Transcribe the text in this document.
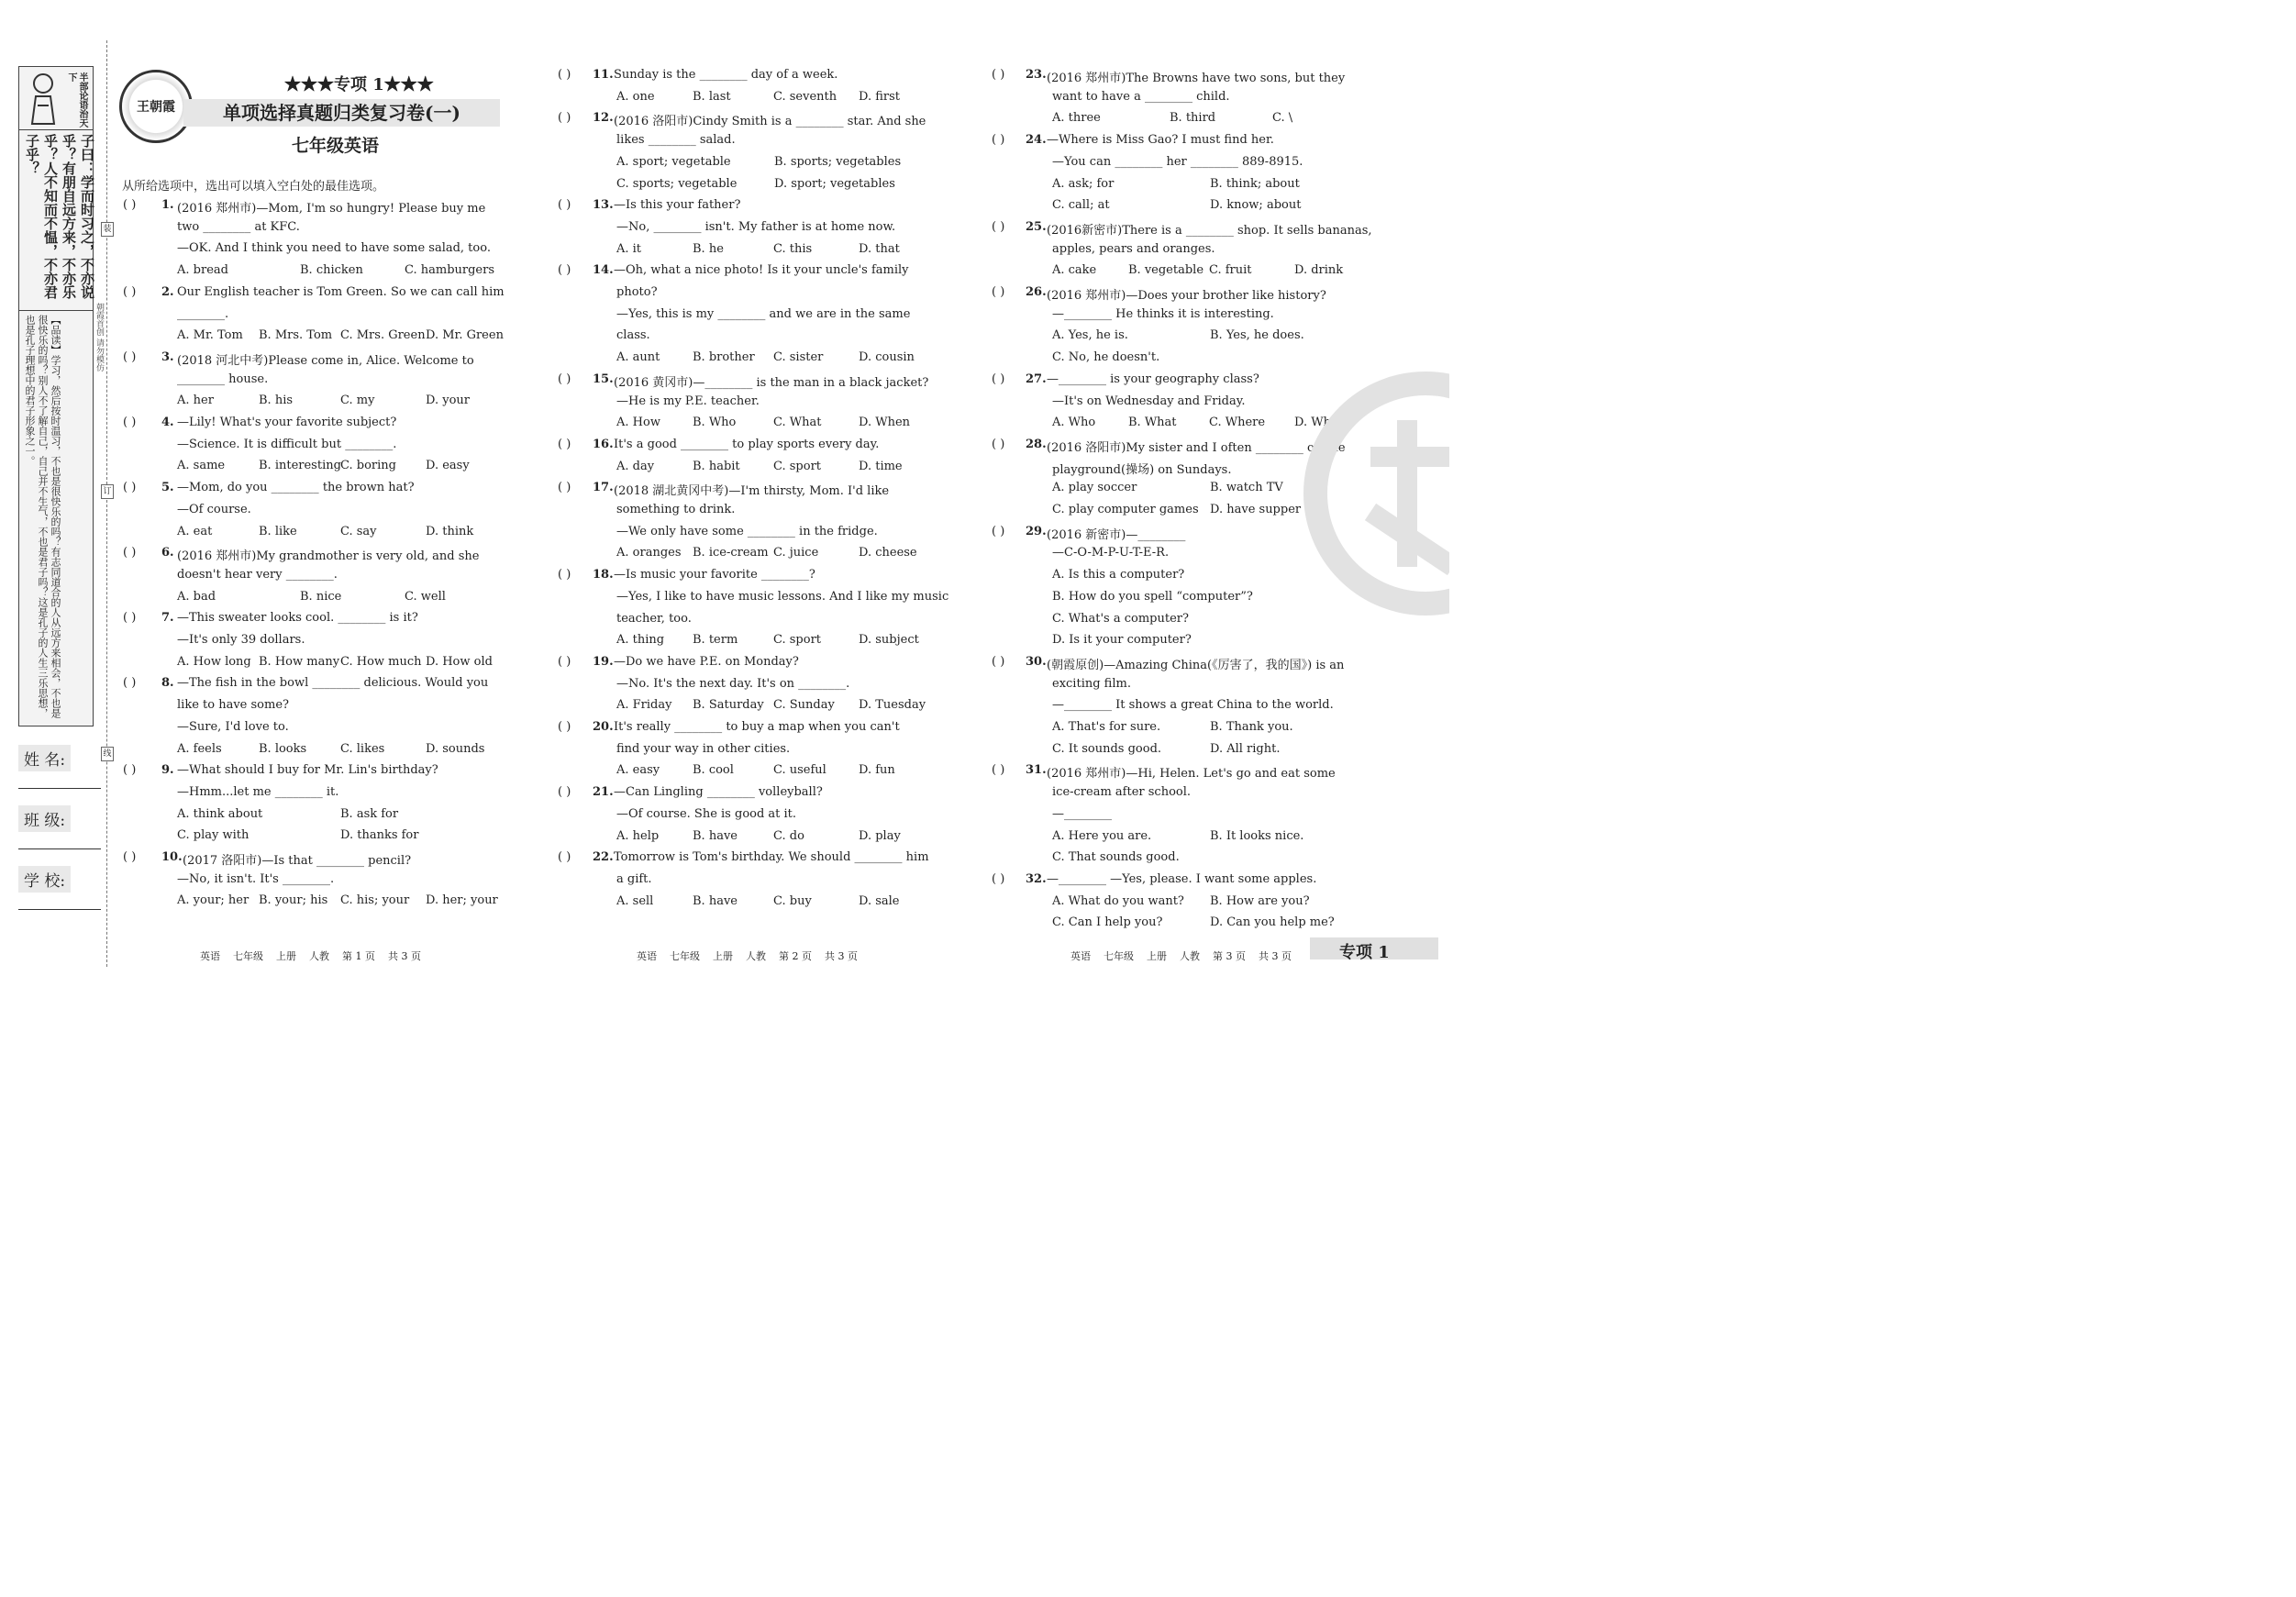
半部论语治天下
子曰：学而时习之，不亦说乎？有朋自远方来，不亦乐乎？人不知而不愠，不亦君子乎？
【品读】学习，然后按时温习，不也是很快乐的吗？有志同道合的人从远方来相会，不也是很快乐的吗？别人不了解自己，自己并不生气，不也是君子吗？这是孔子的人生三乐思想，也是孔子理想中的君子形象之一。
姓 名:
班 级:
学 校:
装
订
线
朝霞首创 请勿模仿
王朝霞
★★★专项 1★★★
单项选择真题归类复习卷(一)
七年级英语
从所给选项中，选出可以填入空白处的最佳选项。
( ) 1. (2016 郑州市)—Mom, I'm so hungry! Please buy me
two ________ at KFC.
—OK. And I think you need to have some salad, too.
A. bread	B. chicken	C. hamburgers
( ) 2. Our English teacher is Tom Green. So we can call him
________.
A. Mr. Tom B. Mrs. Tom C. Mrs. Green D. Mr. Green
( ) 3. (2018 河北中考)Please come in, Alice. Welcome to
________ house.
A. her	B. his	C. my	D. your
( ) 4. —Lily! What's your favorite subject?
—Science. It is difficult but ________.
A. same	B. interesting C. boring D. easy
( ) 5. —Mom, do you ________ the brown hat?
—Of course.
A. eat	B. like	C. say	D. think
( ) 6. (2016 郑州市)My grandmother is very old, and she
doesn't hear very ________.
A. bad	B. nice	C. well
( ) 7. —This sweater looks cool. ________ is it?
—It's only 39 dollars.
A. How long B. How many C. How much D. How old
( ) 8. —The fish in the bowl ________ delicious. Would you
like to have some?
—Sure, I'd love to.
A. feels	B. looks	C. likes	D. sounds
( ) 9. —What should I buy for Mr. Lin's birthday?
—Hmm...let me ________ it.
A. think about	B. ask for
C. play with	D. thanks for
( ) 10. (2017 洛阳市)—Is that ________ pencil?
—No, it isn't. It's ________.
A. your; her B. your; his C. his; your D. her; your
( ) 11. Sunday is the ________ day of a week.
A. one	B. last	C. seventh D. first
( ) 12. (2016 洛阳市)Cindy Smith is a ________ star. And she
likes ________ salad.
A. sport; vegetable	B. sports; vegetables
C. sports; vegetable	D. sport; vegetables
( ) 13. —Is this your father?
—No, ________ isn't. My father is at home now.
A. it	B. he	C. this	D. that
( ) 14. —Oh, what a nice photo! Is it your uncle's family
photo?
—Yes, this is my ________ and we are in the same
class.
A. aunt	B. brother C. sister	D. cousin
( ) 15. (2016 黄冈市)—________ is the man in a black jacket?
—He is my P.E. teacher.
A. How	B. Who	C. What	D. When
( ) 16. It's a good ________ to play sports every day.
A. day	B. habit	C. sport	D. time
( ) 17. (2018 湖北黄冈中考)—I'm thirsty, Mom. I'd like
something to drink.
—We only have some ________ in the fridge.
A. oranges B. ice-cream C. juice	D. cheese
( ) 18. —Is music your favorite ________?
—Yes, I like to have music lessons. And I like my music
teacher, too.
A. thing B. term	C. sport	D. subject
( ) 19. —Do we have P.E. on Monday?
—No. It's the next day. It's on ________.
A. Friday B. Saturday C. Sunday D. Tuesday
( ) 20. It's really ________ to buy a map when you can't
find your way in other cities.
A. easy	B. cool	C. useful	D. fun
( ) 21. —Can Lingling ________ volleyball?
—Of course. She is good at it.
A. help	B. have	C. do	D. play
( ) 22. Tomorrow is Tom's birthday. We should ________ him
a gift.
A. sell	B. have	C. buy	D. sale
( ) 23. (2016 郑州市)The Browns have two sons, but they
want to have a ________ child.
A. three	B. third	C. \
( ) 24. —Where is Miss Gao? I must find her.
—You can ________ her ________ 889-8915.
A. ask; for	B. think; about
C. call; at	D. know; about
( ) 25. (2016新密市)There is a ________ shop. It sells bananas,
apples, pears and oranges.
A. cake	B. vegetable C. fruit	D. drink
( ) 26. (2016 郑州市)—Does your brother like history?
—________ He thinks it is interesting.
A. Yes, he is.	B. Yes, he does.
C. No, he doesn't.
( ) 27. —________ is your geography class?
—It's on Wednesday and Friday.
A. Who	B. What	C. Where D. When
( ) 28. (2016 洛阳市)My sister and I often ________ on the
playground(操场) on Sundays.
A. play soccer	B. watch TV
C. play computer games D. have supper
( ) 29. (2016 新密市)—________
—C-O-M-P-U-T-E-R.
A. Is this a computer?
B. How do you spell “computer”?
C. What's a computer?
D. Is it your computer?
( ) 30. (朝霞原创)—Amazing China(《厉害了，我的国》) is an
exciting film.
—________ It shows a great China to the world.
A. That's for sure.	B. Thank you.
C. It sounds good.	D. All right.
( ) 31. (2016 郑州市)—Hi, Helen. Let's go and eat some
ice-cream after school.
—________
A. Here you are.	B. It looks nice.
C. That sounds good.
( ) 32. —________ —Yes, please. I want some apples.
A. What do you want? B. How are you?
C. Can I help you?	D. Can you help me?
英语 七年级 上册 人教 第 1 页 共 3 页	英语 七年级 上册 人教 第 2 页 共 3 页	英语 七年级 上册 人教 第 3 页 共 3 页	专项 1
